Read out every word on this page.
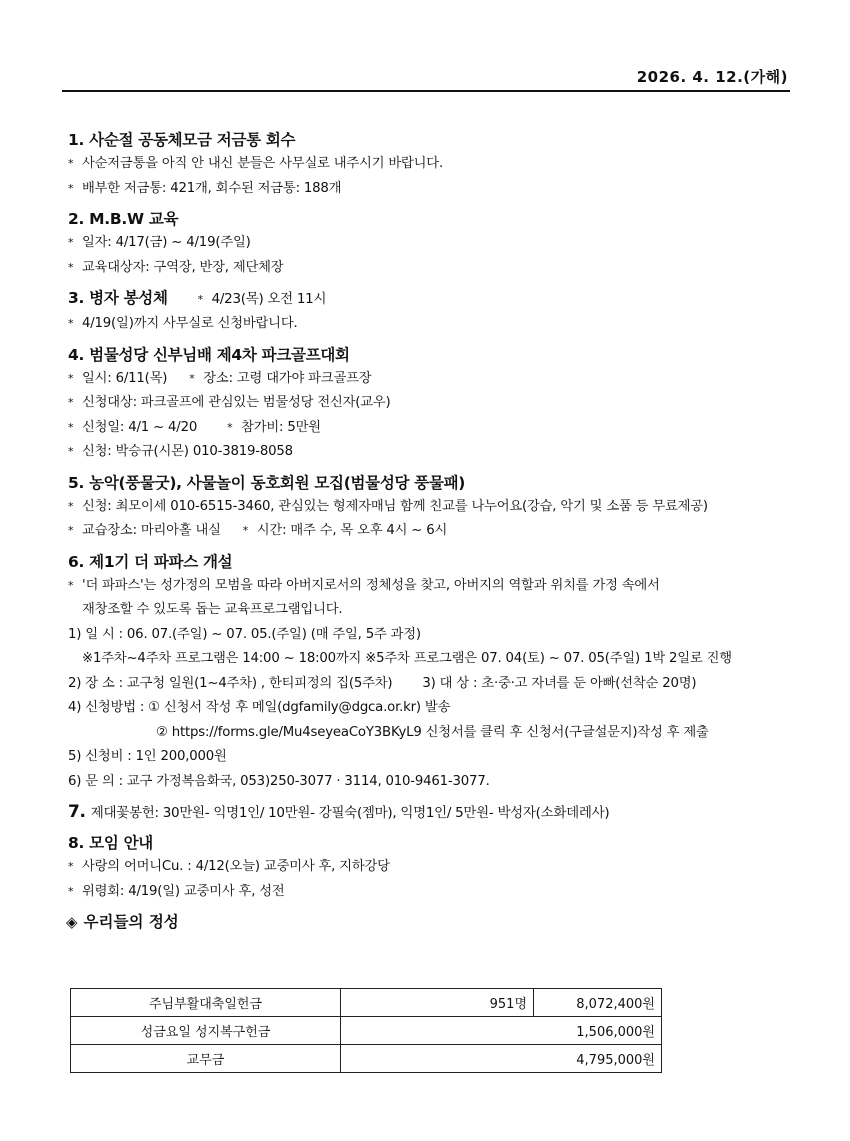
2026. 4. 12.(가해)
1. 사순절 공동체모금 저금통 회수
* 사순저금통을 아직 안 내신 분들은 사무실로 내주시기 바랍니다.
* 배부한 저금통: 421개, 회수된 저금통: 188개
2. M.B.W 교육
* 일자: 4/17(금) ~ 4/19(주일)
* 교육대상자: 구역장, 반장, 제단체장
3. 병자 봉성체	* 4/23(목) 오전 11시
* 4/19(일)까지 사무실로 신청바랍니다.
4. 범물성당 신부님배 제4차 파크골프대회
* 일시: 6/11(목) * 장소: 고령 대가야 파크골프장
* 신청대상: 파크골프에 관심있는 범물성당 전신자(교우)
* 신청일: 4/1 ~ 4/20	* 참가비: 5만원
* 신청: 박승규(시몬) 010-3819-8058
5. 농악(풍물굿), 사물놀이 동호회원 모집(범물성당 풍물패)
* 신청: 최모이세 010-6515-3460, 관심있는 형제자매님 함께 친교를 나누어요(강습, 악기 및 소품 등 무료제공)
* 교습장소: 마리아홀 내실 * 시간: 매주 수, 목 오후 4시 ~ 6시
6. 제1기 더 파파스 개설
* '더 파파스'는 성가정의 모범을 따라 아버지로서의 정체성을 찾고, 아버지의 역할과 위치를 가정 속에서
재창조할 수 있도록 돕는 교육프로그램입니다.
1) 일 시 : 06. 07.(주일) ~ 07. 05.(주일) (매 주일, 5주 과정)
※1주차~4주차 프로그램은 14:00 ~ 18:00까지 ※5주차 프로그램은 07. 04(토) ~ 07. 05(주일) 1박 2일로 진행
2) 장 소 : 교구청 일원(1~4주차) , 한티피정의 집(5주차) 3) 대 상 : 초·중·고 자녀를 둔 아빠(선착순 20명)
4) 신청방법 : ① 신청서 작성 후 메일(dgfamily@dgca.or.kr) 발송
② https://forms.gle/Mu4seyeaCoY3BKyL9 신청서를 클릭 후 신청서(구글설문지)작성 후 제출
5) 신청비 : 1인 200,000원
6) 문 의 : 교구 가정복음화국, 053)250-3077 · 3114, 010-9461-3077.
7. 제대꽃봉헌: 30만원- 익명1인/ 10만원- 강필숙(젬마), 익명1인/ 5만원- 박성자(소화데레사)
8. 모임 안내
* 사랑의 어머니Cu. : 4/12(오늘) 교중미사 후, 지하강당
* 위령회: 4/19(일) 교중미사 후, 성전
◈ 우리들의 정성
주님부활대축일헌금	951명	8,072,400원
성금요일 성지복구헌금	1,506,000원	
교무금	4,795,000원	
